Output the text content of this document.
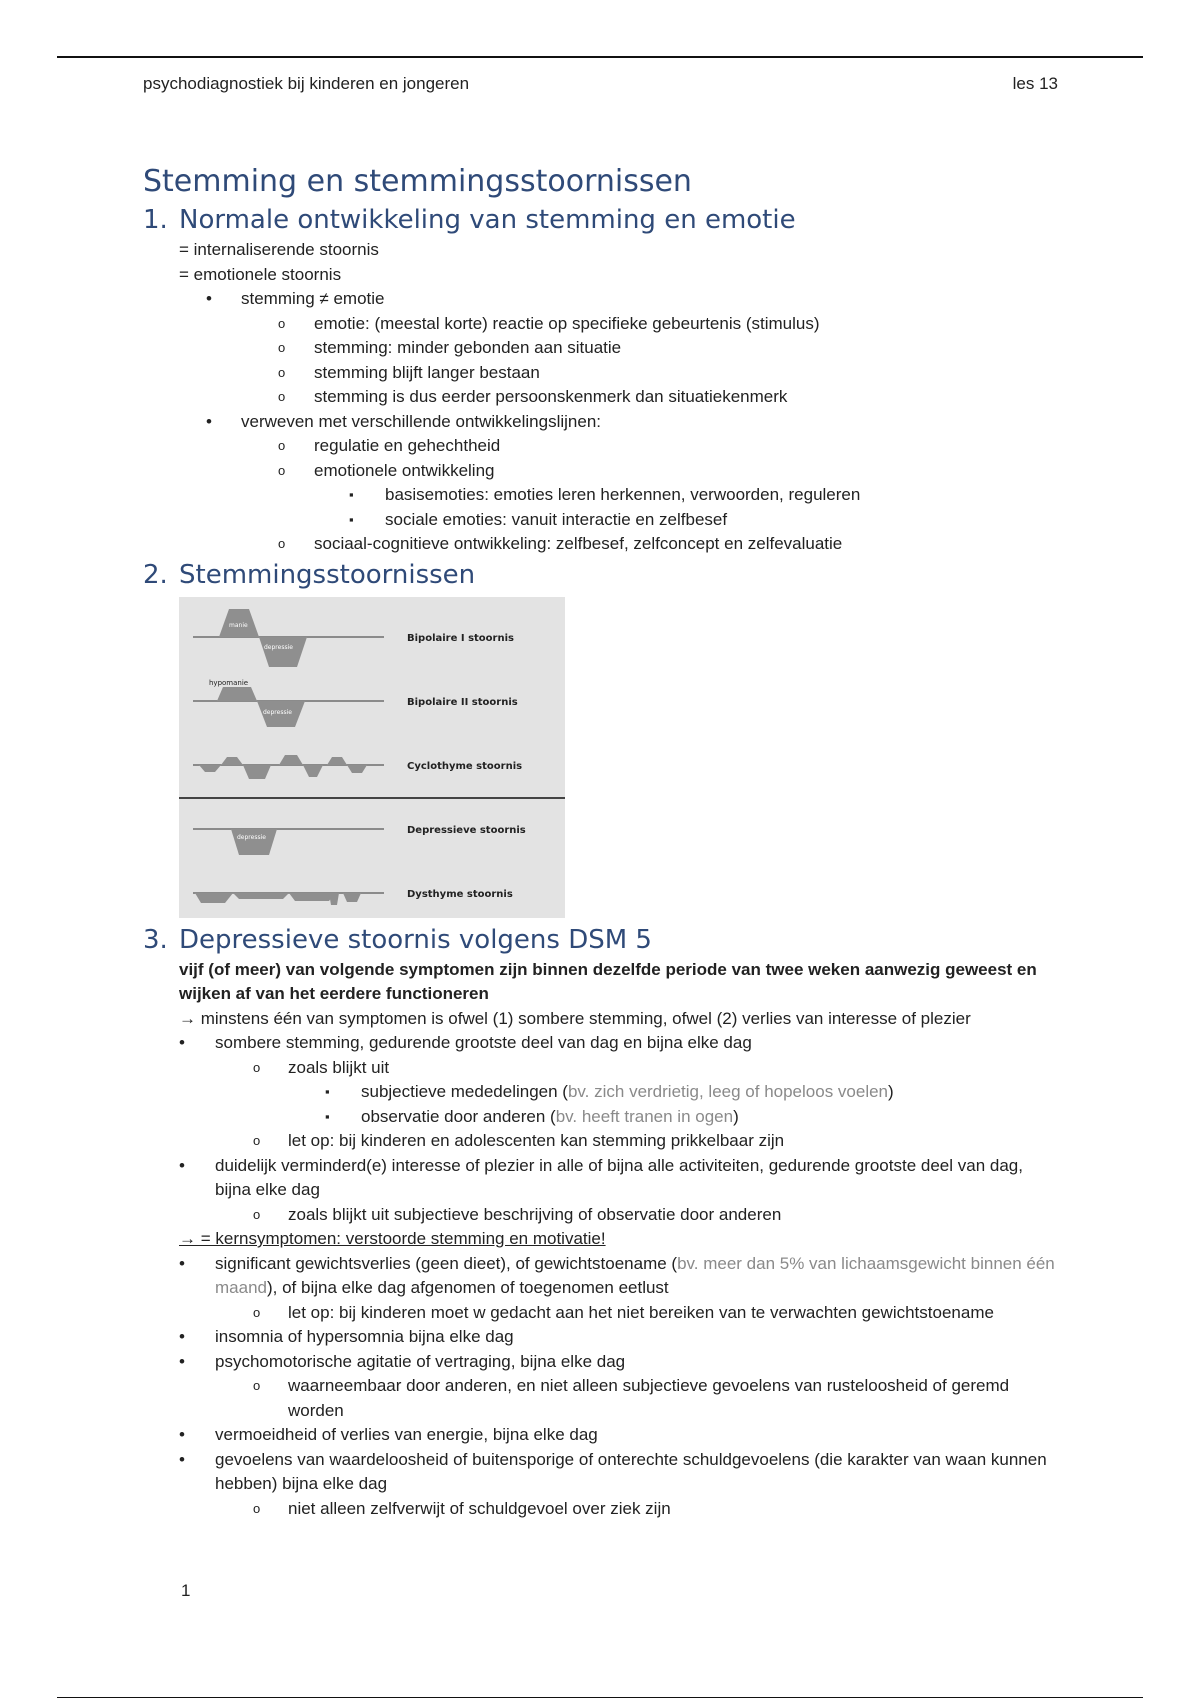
psychodiagnostiek bij kinderen en jongeren	les 13
Stemming en stemmingsstoornissen
1. Normale ontwikkeling van stemming en emotie
= internaliserende stoornis
= emotionele stoornis
• stemming ≠ emotie
o emotie: (meestal korte) reactie op specifieke gebeurtenis (stimulus)
o stemming: minder gebonden aan situatie
o stemming blijft langer bestaan
o stemming is dus eerder persoonskenmerk dan situatiekenmerk
• verweven met verschillende ontwikkelingslijnen:
o regulatie en gehechtheid
o emotionele ontwikkeling
▪ basisemoties: emoties leren herkennen, verwoorden, reguleren
▪ sociale emoties: vanuit interactie en zelfbesef
o sociaal-cognitieve ontwikkeling: zelfbesef, zelfconcept en zelfevaluatie
2. Stemmingsstoornissen
manie
depressie
depressie
depressie
hypomanie
Bipolaire I stoornis
Bipolaire II stoornis
Cyclothyme stoornis
Depressieve stoornis
Dysthyme stoornis
3. Depressieve stoornis volgens DSM 5
vijf (of meer) van volgende symptomen zijn binnen dezelfde periode van twee weken aanwezig geweest en wijken af van het eerdere functioneren
→ minstens één van symptomen is ofwel (1) sombere stemming, ofwel (2) verlies van interesse of plezier
• sombere stemming, gedurende grootste deel van dag en bijna elke dag
o zoals blijkt uit
▪ subjectieve mededelingen (bv. zich verdrietig, leeg of hopeloos voelen)
▪ observatie door anderen (bv. heeft tranen in ogen)
o let op: bij kinderen en adolescenten kan stemming prikkelbaar zijn
• duidelijk verminderd(e) interesse of plezier in alle of bijna alle activiteiten, gedurende grootste deel van dag, bijna elke dag
o zoals blijkt uit subjectieve beschrijving of observatie door anderen
→ = kernsymptomen: verstoorde stemming en motivatie!
• significant gewichtsverlies (geen dieet), of gewichtstoename (bv. meer dan 5% van lichaamsgewicht binnen één maand), of bijna elke dag afgenomen of toegenomen eetlust
o let op: bij kinderen moet w gedacht aan het niet bereiken van te verwachten gewichtstoename
• insomnia of hypersomnia bijna elke dag
• psychomotorische agitatie of vertraging, bijna elke dag
o waarneembaar door anderen, en niet alleen subjectieve gevoelens van rusteloosheid of geremd worden
• vermoeidheid of verlies van energie, bijna elke dag
• gevoelens van waardeloosheid of buitensporige of onterechte schuldgevoelens (die karakter van waan kunnen hebben) bijna elke dag
o niet alleen zelfverwijt of schuldgevoel over ziek zijn
1
